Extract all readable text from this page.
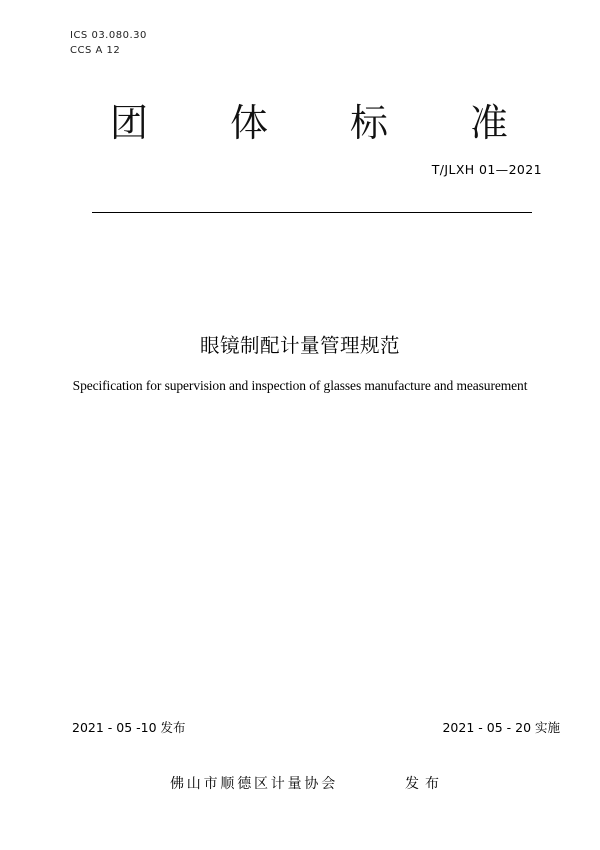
ICS 03.080.30
CCS A 12
团 体 标 准
T/JLXH 01—2021
眼镜制配计量管理规范
Specification for supervision and inspection of glasses manufacture and measurement
2021 - 05 -10 发布	2021 - 05 - 20 实施
佛山市顺德区计量协会	发布
